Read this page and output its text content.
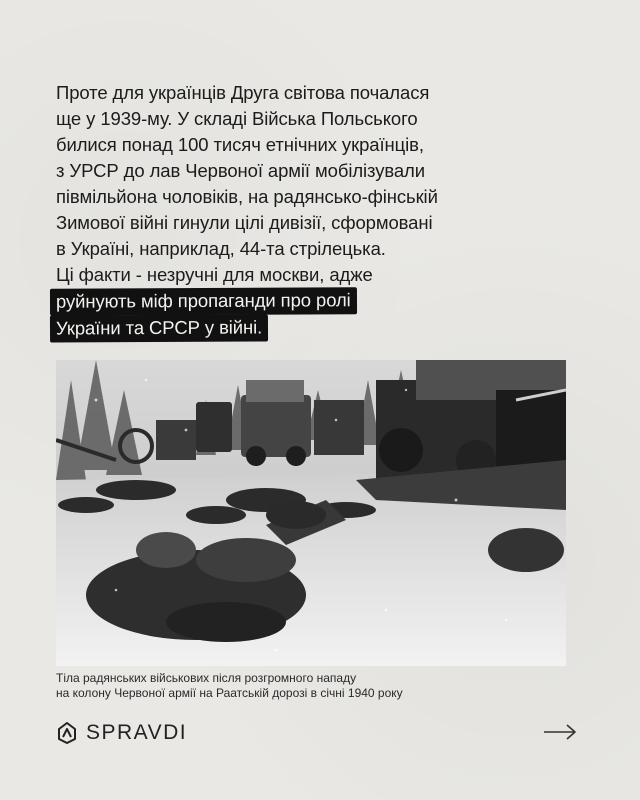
Проте для українців Друга світова почалася
ще у 1939-му. У складі Війська Польського
билися понад 100 тисяч етнічних українців,
з УРСР до лав Червоної армії мобілізували
півмільйона чоловіків, на радянсько-фінській
Зимової війні гинули цілі дивізії, сформовані
в Україні, наприклад, 44-та стрілецька.
Ці факти - незручні для москви, адже
руйнують міф пропаганди про ролі
України та СРСР у війні.

Тіла радянських військових після розгромного нападу
на колону Червоної армії на Раатській дорозі в січні 1940 року
SPRAVDI
